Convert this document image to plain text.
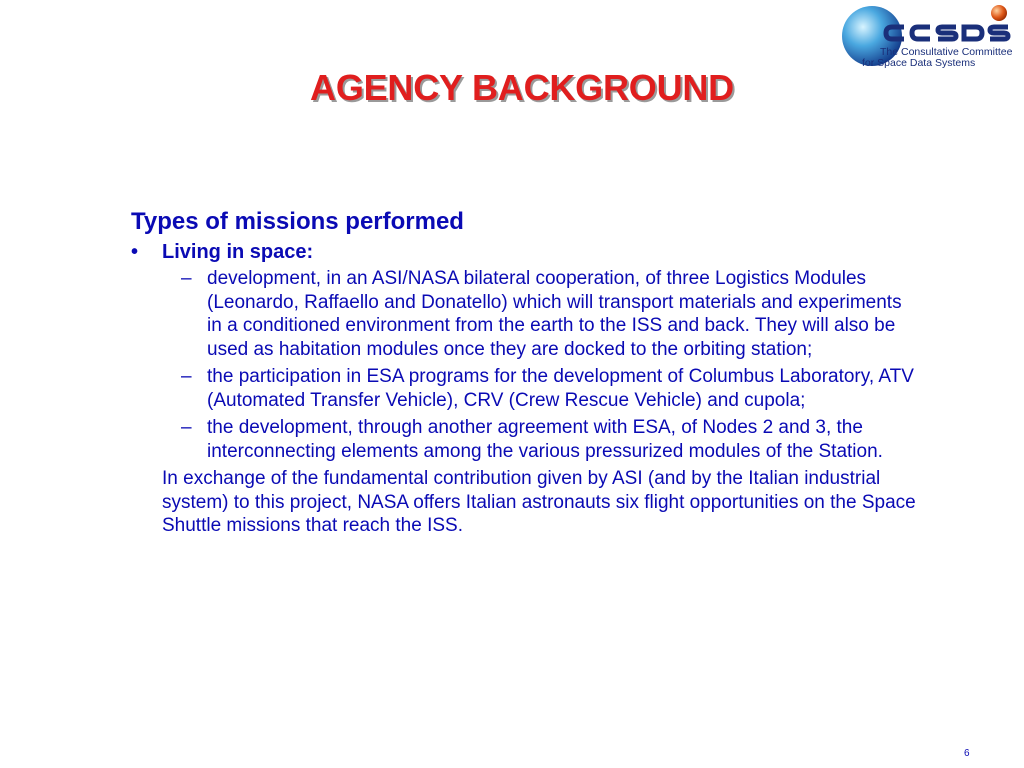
The Consultative Committee
for Space Data Systems
AGENCY BACKGROUND

Types of missions performed

• Living in space:
– development, in an ASI/NASA bilateral cooperation, of three Logistics Modules (Leonardo, Raffaello and Donatello) which will transport materials and experiments in a conditioned environment from the earth to the ISS and back. They will also be used as habitation modules once they are docked to the orbiting station;
– the participation in ESA programs for the development of Columbus Laboratory, ATV (Automated Transfer Vehicle), CRV (Crew Rescue Vehicle) and cupola;
– the development, through another agreement with ESA, of Nodes 2 and 3, the interconnecting elements among the various pressurized modules of the Station.

In exchange of the fundamental contribution given by ASI (and by the Italian industrial system) to this project, NASA offers Italian astronauts six flight opportunities on the Space Shuttle missions that reach the ISS.

6
